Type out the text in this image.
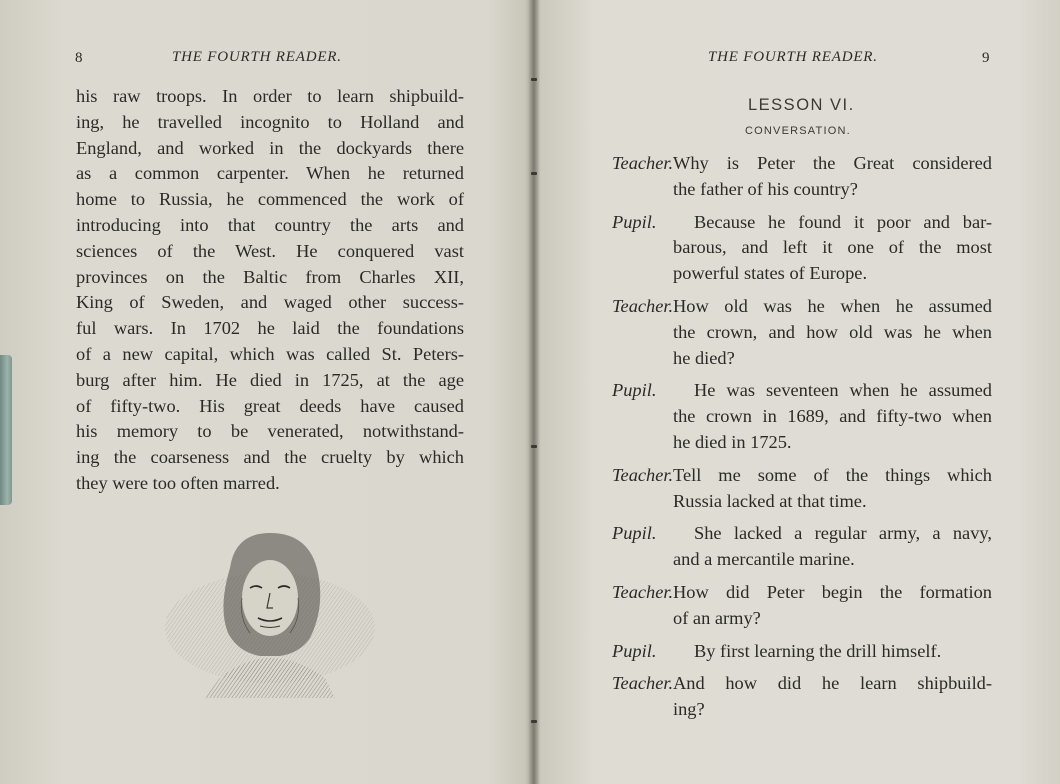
8	THE FOURTH READER.
his raw troops. In order to learn shipbuild-
ing, he travelled incognito to Holland and
England, and worked in the dockyards there
as a common carpenter. When he returned
home to Russia, he commenced the work of
introducing into that country the arts and
sciences of the West. He conquered vast
provinces on the Baltic from Charles XII,
King of Sweden, and waged other success-
ful wars. In 1702 he laid the foundations
of a new capital, which was called St. Peters-
burg after him. He died in 1725, at the age
of fifty-two. His great deeds have caused
his memory to be venerated, notwithstand-
ing the coarseness and the cruelty by which
they were too often marred.
THE FOURTH READER.	9
LESSON VI.
CONVERSATION.
Teacher. Why is Peter the Great considered
the father of his country?
Pupil. Because he found it poor and bar-
barous, and left it one of the most
powerful states of Europe.
Teacher. How old was he when he assumed
the crown, and how old was he when
he died?
Pupil. He was seventeen when he assumed
the crown in 1689, and fifty-two when
he died in 1725.
Teacher. Tell me some of the things which
Russia lacked at that time.
Pupil. She lacked a regular army, a navy,
and a mercantile marine.
Teacher. How did Peter begin the formation
of an army?
Pupil. By first learning the drill himself.
Teacher. And how did he learn shipbuild-
ing?
